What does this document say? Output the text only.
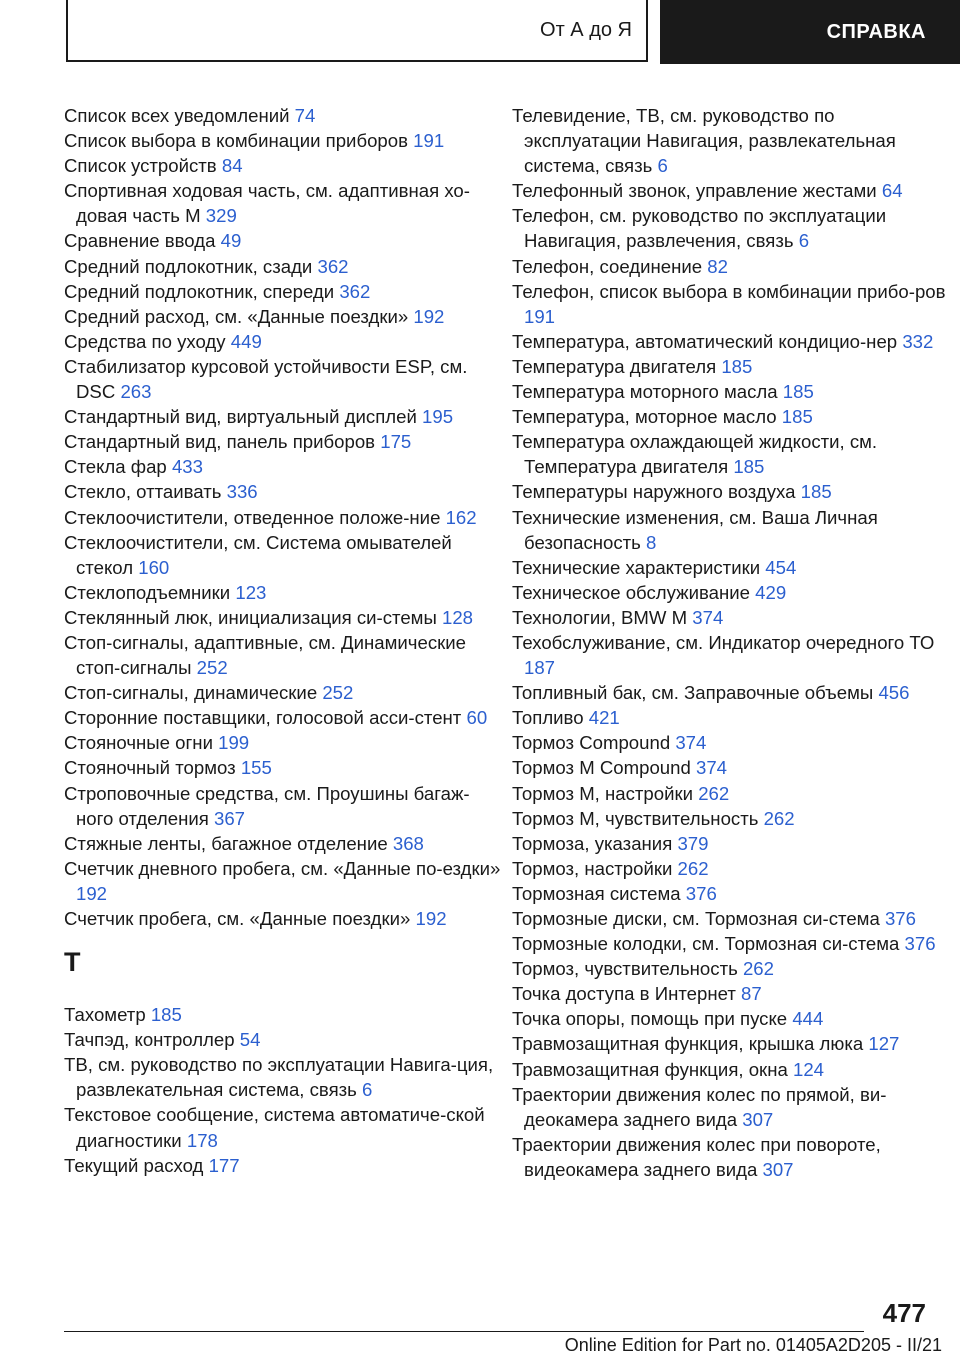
От А до Я	СПРАВКА
Список всех уведомлений 74
Список выбора в комбинации приборов 191
Список устройств 84
Спортивная ходовая часть, см. адаптивная хо-довая часть M 329
Сравнение ввода 49
Средний подлокотник, сзади 362
Средний подлокотник, спереди 362
Средний расход, см. «Данные поездки» 192
Средства по уходу 449
Стабилизатор курсовой устойчивости ESP, см. DSC 263
Стандартный вид, виртуальный дисплей 195
Стандартный вид, панель приборов 175
Стекла фар 433
Стекло, оттаивать 336
Стеклоочистители, отведенное положе-ние 162
Стеклоочистители, см. Система омывателей стекол 160
Стеклоподъемники 123
Стеклянный люк, инициализация си-стемы 128
Стоп-сигналы, адаптивные, см. Динамические стоп-сигналы 252
Стоп-сигналы, динамические 252
Сторонние поставщики, голосовой асси-стент 60
Стояночные огни 199
Стояночный тормоз 155
Строповочные средства, см. Проушины багаж-ного отделения 367
Стяжные ленты, багажное отделение 368
Счетчик дневного пробега, см. «Данные по-ездки» 192
Счетчик пробега, см. «Данные поездки» 192
Т
Тахометр 185
Тачпэд, контроллер 54
ТВ, см. руководство по эксплуатации Навига-ция, развлекательная система, связь 6
Текстовое сообщение, система автоматиче-ской диагностики 178
Текущий расход 177
Телевидение, ТВ, см. руководство по эксплуатации Навигация, развлекательная система, связь 6
Телефонный звонок, управление жестами 64
Телефон, см. руководство по эксплуатации Навигация, развлечения, связь 6
Телефон, соединение 82
Телефон, список выбора в комбинации прибо-ров 191
Температура, автоматический кондицио-нер 332
Температура двигателя 185
Температура моторного масла 185
Температура, моторное масло 185
Температура охлаждающей жидкости, см. Температура двигателя 185
Температуры наружного воздуха 185
Технические изменения, см. Ваша Личная безопасность 8
Технические характеристики 454
Техническое обслуживание 429
Технологии, BMW M 374
Техобслуживание, см. Индикатор очередного ТО 187
Топливный бак, см. Заправочные объемы 456
Топливо 421
Тормоз Compound 374
Тормоз M Compound 374
Тормоз M, настройки 262
Тормоз M, чувствительность 262
Тормоза, указания 379
Тормоз, настройки 262
Тормозная система 376
Тормозные диски, см. Тормозная си-стема 376
Тормозные колодки, см. Тормозная си-стема 376
Тормоз, чувствительность 262
Точка доступа в Интернет 87
Точка опоры, помощь при пуске 444
Травмозащитная функция, крышка люка 127
Травмозащитная функция, окна 124
Траектории движения колес по прямой, ви-деокамера заднего вида 307
Траектории движения колес при повороте, видеокамера заднего вида 307
477
Online Edition for Part no. 01405A2D205 - II/21
